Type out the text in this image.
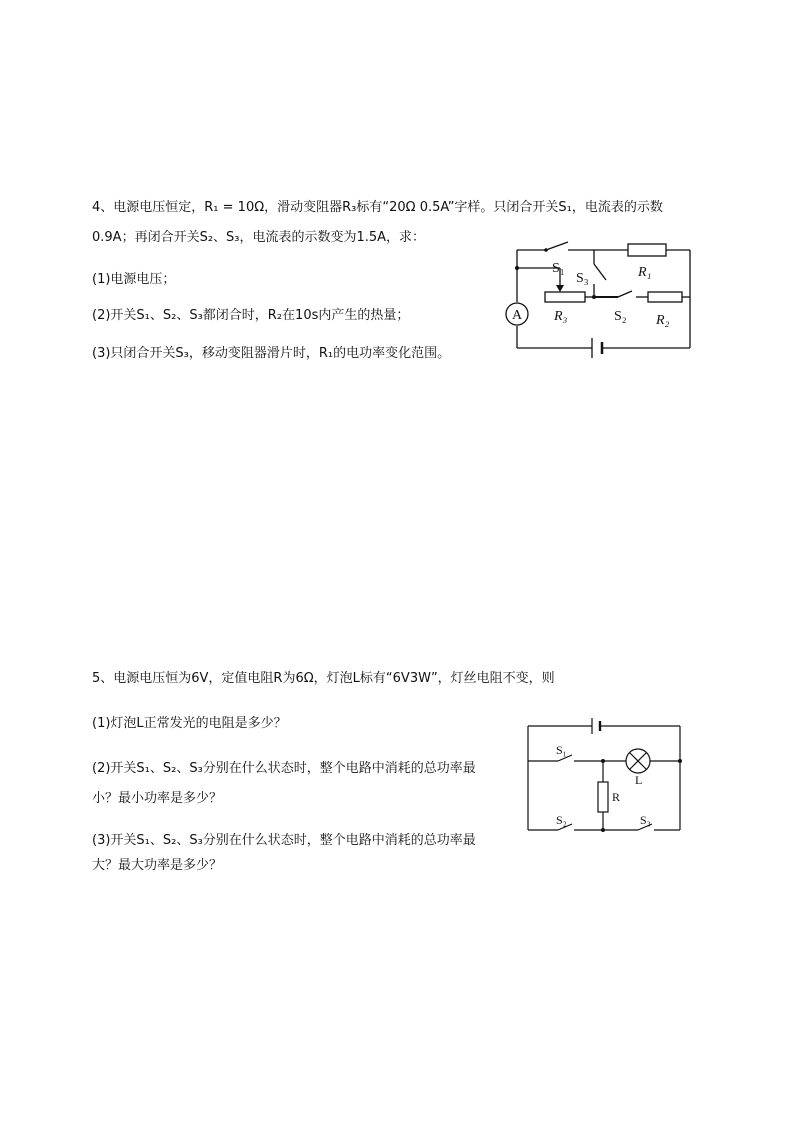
4、电源电压恒定，R₁ = 10Ω，滑动变阻器R₃标有“20Ω 0.5A”字样。只闭合开关S₁，电流表的示数
0.9A；再闭合开关S₂、S₃，电流表的示数变为1.5A，求：
(1)电源电压；
(2)开关S₁、S₂、S₃都闭合时，R₂在10s内产生的热量；
(3)只闭合开关S₃，移动变阻器滑片时，R₁的电功率变化范围。
S₁
S₃	R₁
R₃	S₂ R₂
A
5、电源电压恒为6V，定值电阻R为6Ω，灯泡L标有“6V3W”，灯丝电阻不变，则
(1)灯泡L正常发光的电阻是多少？
(2)开关S₁、S₂、S₃分别在什么状态时，整个电路中消耗的总功率最
小？最小功率是多少？
(3)开关S₁、S₂、S₃分别在什么状态时，整个电路中消耗的总功率最
大？最大功率是多少？
S₁
L
R
S₂	S₃
